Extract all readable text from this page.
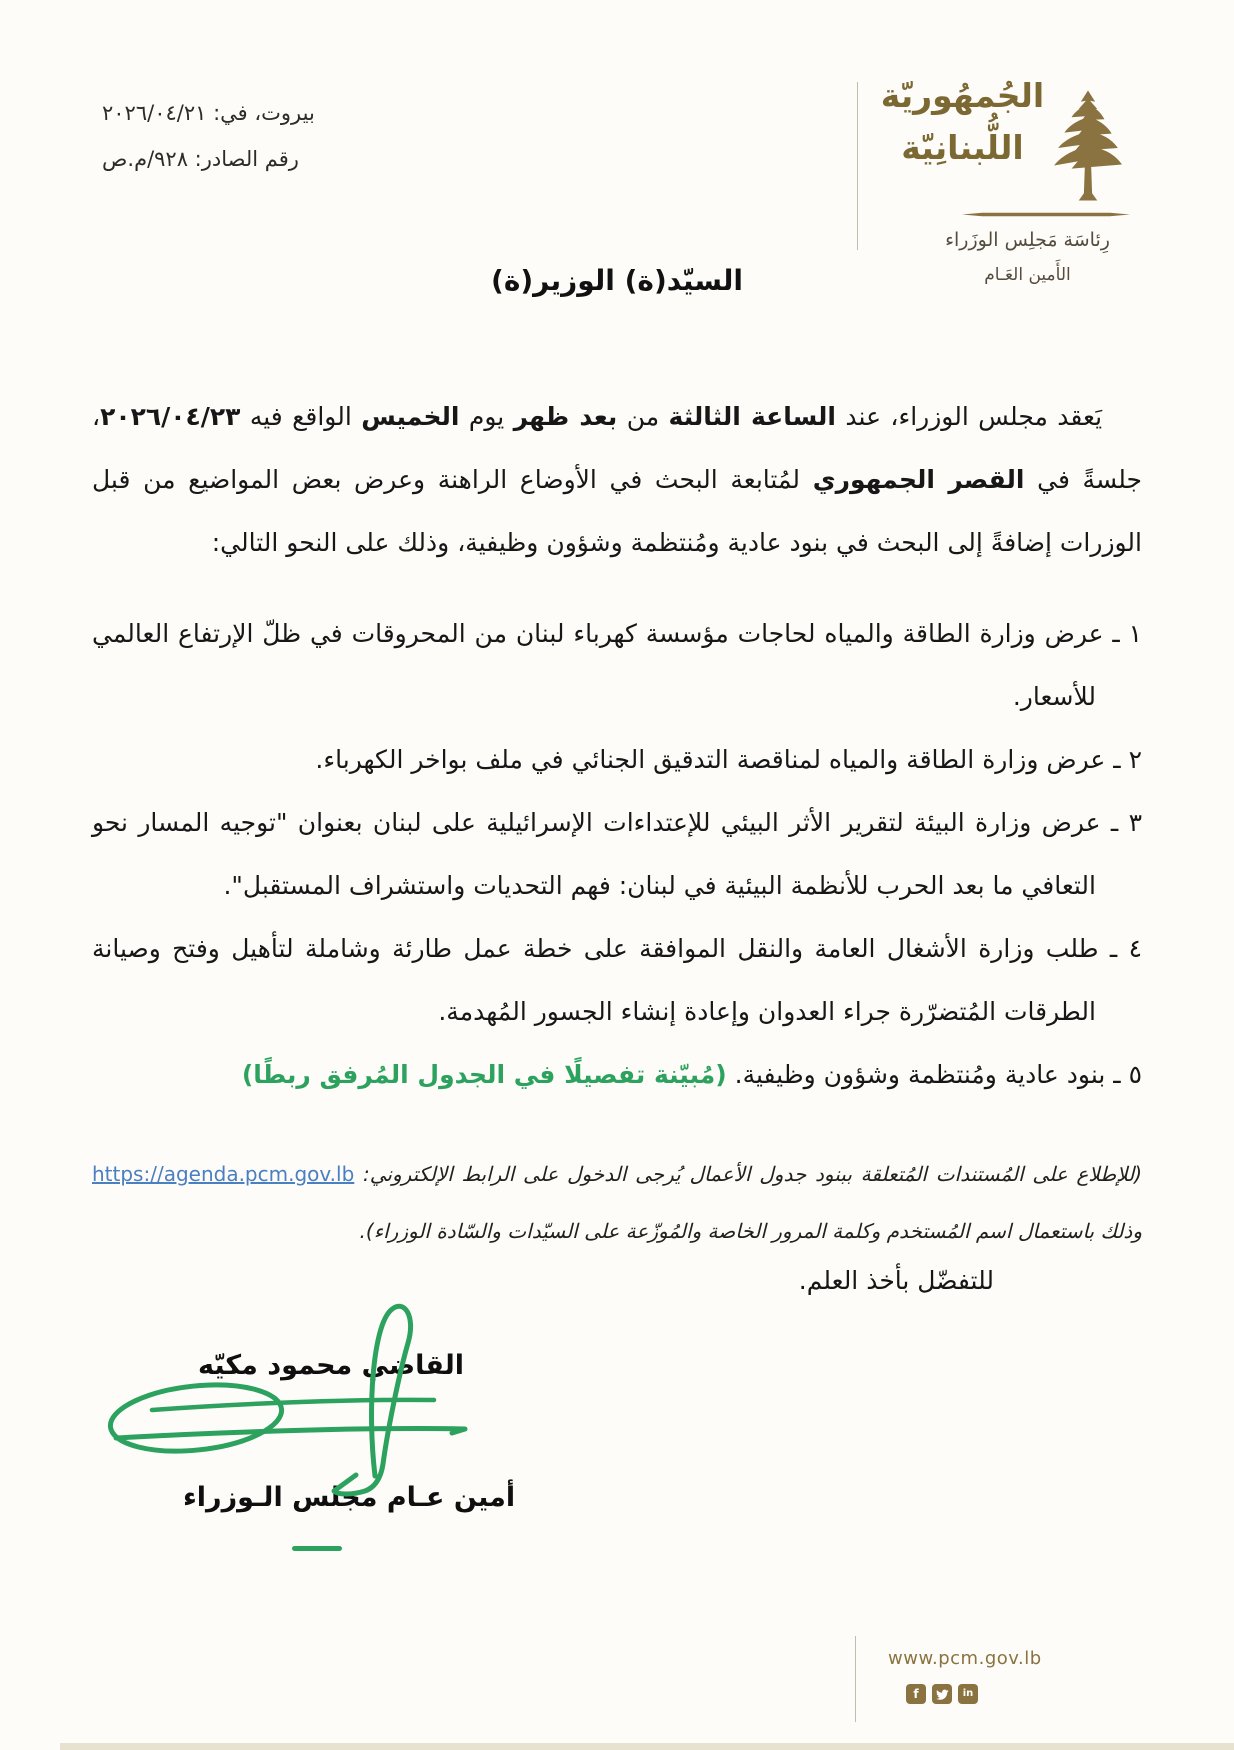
بيروت، في: ٢٠٢٦/٠٤/٢١
رقم الصادر: ٩٢٨/م.ص
الجُمهُوريّة
اللُّبنانِيّة
رِئاسَة مَجلِس الوزَراء
الأَمين العَـام
السيّد(ة) الوزير(ة)

يَعقد مجلس الوزراء، عند الساعة الثالثة من بعد ظهر يوم الخميس الواقع فيه ٢٠٢٦/٠٤/٢٣، جلسةً في القصر الجمهوري لمُتابعة البحث في الأوضاع الراهنة وعرض بعض المواضيع من قبل الوزرات إضافةً إلى البحث في بنود عادية ومُنتظمة وشؤون وظيفية، وذلك على النحو التالي:

١ ـ عرض وزارة الطاقة والمياه لحاجات مؤسسة كهرباء لبنان من المحروقات في ظلّ الإرتفاع العالمي للأسعار.

٢ ـ عرض وزارة الطاقة والمياه لمناقصة التدقيق الجنائي في ملف بواخر الكهرباء.

٣ ـ عرض وزارة البيئة لتقرير الأثر البيئي للإعتداءات الإسرائيلية على لبنان بعنوان "توجيه المسار نحو التعافي ما بعد الحرب للأنظمة البيئية في لبنان: فهم التحديات واستشراف المستقبل".

٤ ـ طلب وزارة الأشغال العامة والنقل الموافقة على خطة عمل طارئة وشاملة لتأهيل وفتح وصيانة الطرقات المُتضرّرة جراء العدوان وإعادة إنشاء الجسور المُهدمة.

٥ ـ بنود عادية ومُنتظمة وشؤون وظيفية. (مُبيّنة تفصيلًا في الجدول المُرفق ربطًا)

(للإطلاع على المُستندات المُتعلقة ببنود جدول الأعمال يُرجى الدخول على الرابط الإلكتروني: https://agenda.pcm.gov.lb وذلك باستعمال اسم المُستخدم وكلمة المرور الخاصة والمُوزّعة على السيّدات والسّادة الوزراء).

للتفضّل بأخذ العلم.
القاضي محمود مكيّه
أمين عـام مجلس الـوزراء
www.pcm.gov.lb
f	in
